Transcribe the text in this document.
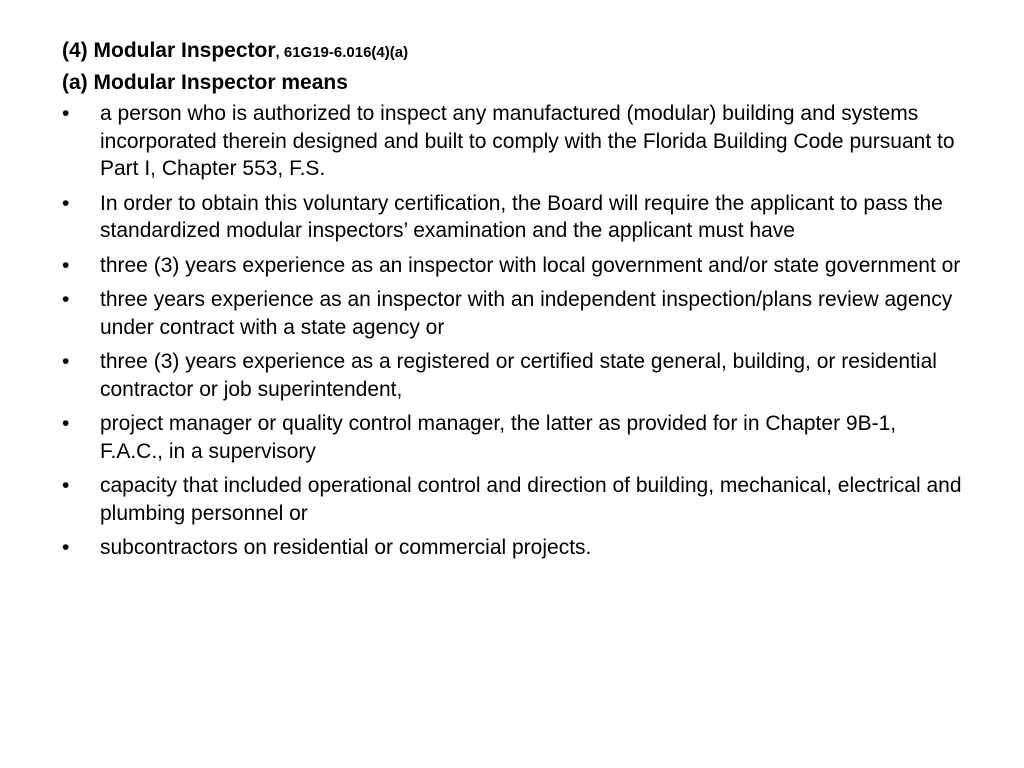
(4) Modular Inspector, 61G19-6.016(4)(a)
(a) Modular Inspector means
•	a person who is authorized to inspect any manufactured (modular) building and systems incorporated therein designed and built to comply with the Florida Building Code pursuant to Part I, Chapter 553, F.S.
•	In order to obtain this voluntary certification, the Board will require the applicant to pass the standardized modular inspectors’ examination and the applicant must have
•	three (3) years experience as an inspector with local government and/or state government or
•	three years experience as an inspector with an independent inspection/plans review agency under contract with a state agency or
•	three (3) years experience as a registered or certified state general, building, or residential contractor or job superintendent,
•	project manager or quality control manager, the latter as provided for in Chapter 9B-1, F.A.C., in a supervisory
•	capacity that included operational control and direction of building, mechanical, electrical and plumbing personnel or
•	subcontractors on residential or commercial projects.
